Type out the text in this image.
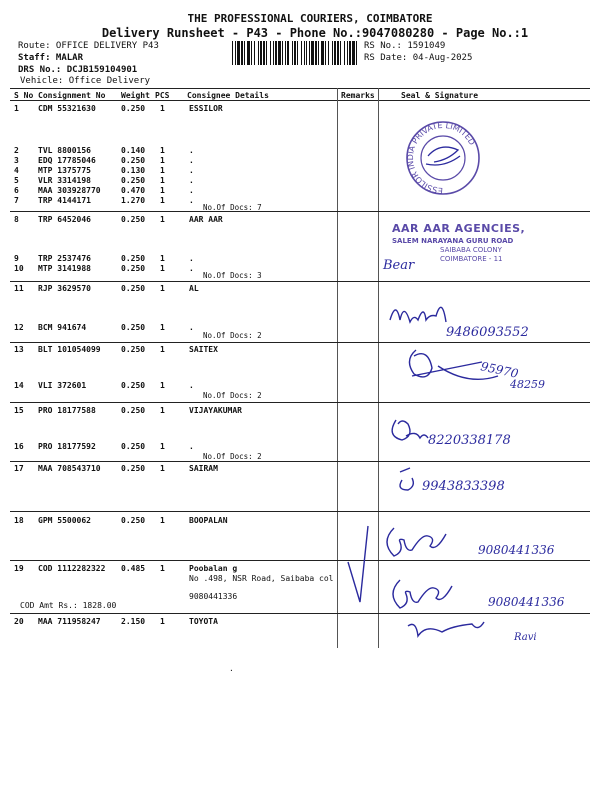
THE PROFESSIONAL COURIERS, COIMBATORE
Delivery Runsheet - P43 - Phone No.:9047080280 - Page No.:1
Route: OFFICE DELIVERY P43
Staff: MALAR
DRS No.: DCJB159104901
Vehicle: Office Delivery
RS No.: 1591049
RS Date: 04-Aug-2025
S No Consignment No Weight PCS Consignee Details	Remarks	Seal & Signature
1 CDM 55321630	0.250 1	ESSILOR
2 TVL 8800156	0.140 1	.
3 EDQ 17785046	0.250 1	.
4 MTP 1375775	0.130 1	.
5 VLR 3314198	0.250 1	.
6 MAA 303928770	0.470 1	.
7 TRP 4144171	1.270 1	.
No.Of Docs: 7
8 TRP 6452046	0.250 1	AAR AAR
9 TRP 2537476	0.250 1	.
10 MTP 3141988	0.250 1	.
No.Of Docs: 3
11 RJP 3629570	0.250 1	AL
12 BCM 941674	0.250 1	.
No.Of Docs: 2
13 BLT 101054099	0.250 1	SAITEX
14 VLI 372601	0.250 1	.
No.Of Docs: 2
15 PRO 18177588	0.250 1	VIJAYAKUMAR
16 PRO 18177592	0.250 1	.
No.Of Docs: 2
17 MAA 708543710	0.250 1	SAIRAM
18 GPM 5500062	0.250 1	BOOPALAN
19 COD 1112282322 0.485 1	Poobalan g
No .498, NSR Road, Saibaba col
9080441336
COD Amt Rs.: 1828.00
20 MAA 711958247	2.150 1	TOYOTA
ESSILOR INDIA PRIVATE LIMITED
AAR AAR AGENCIES,
SALEM NARAYANA GURU ROAD
SAIBABA COLONY
COIMBATORE - 11
Bear
9486093552
95970
48259
8220338178
9943833398
9080441336
9080441336
Ravi
.
